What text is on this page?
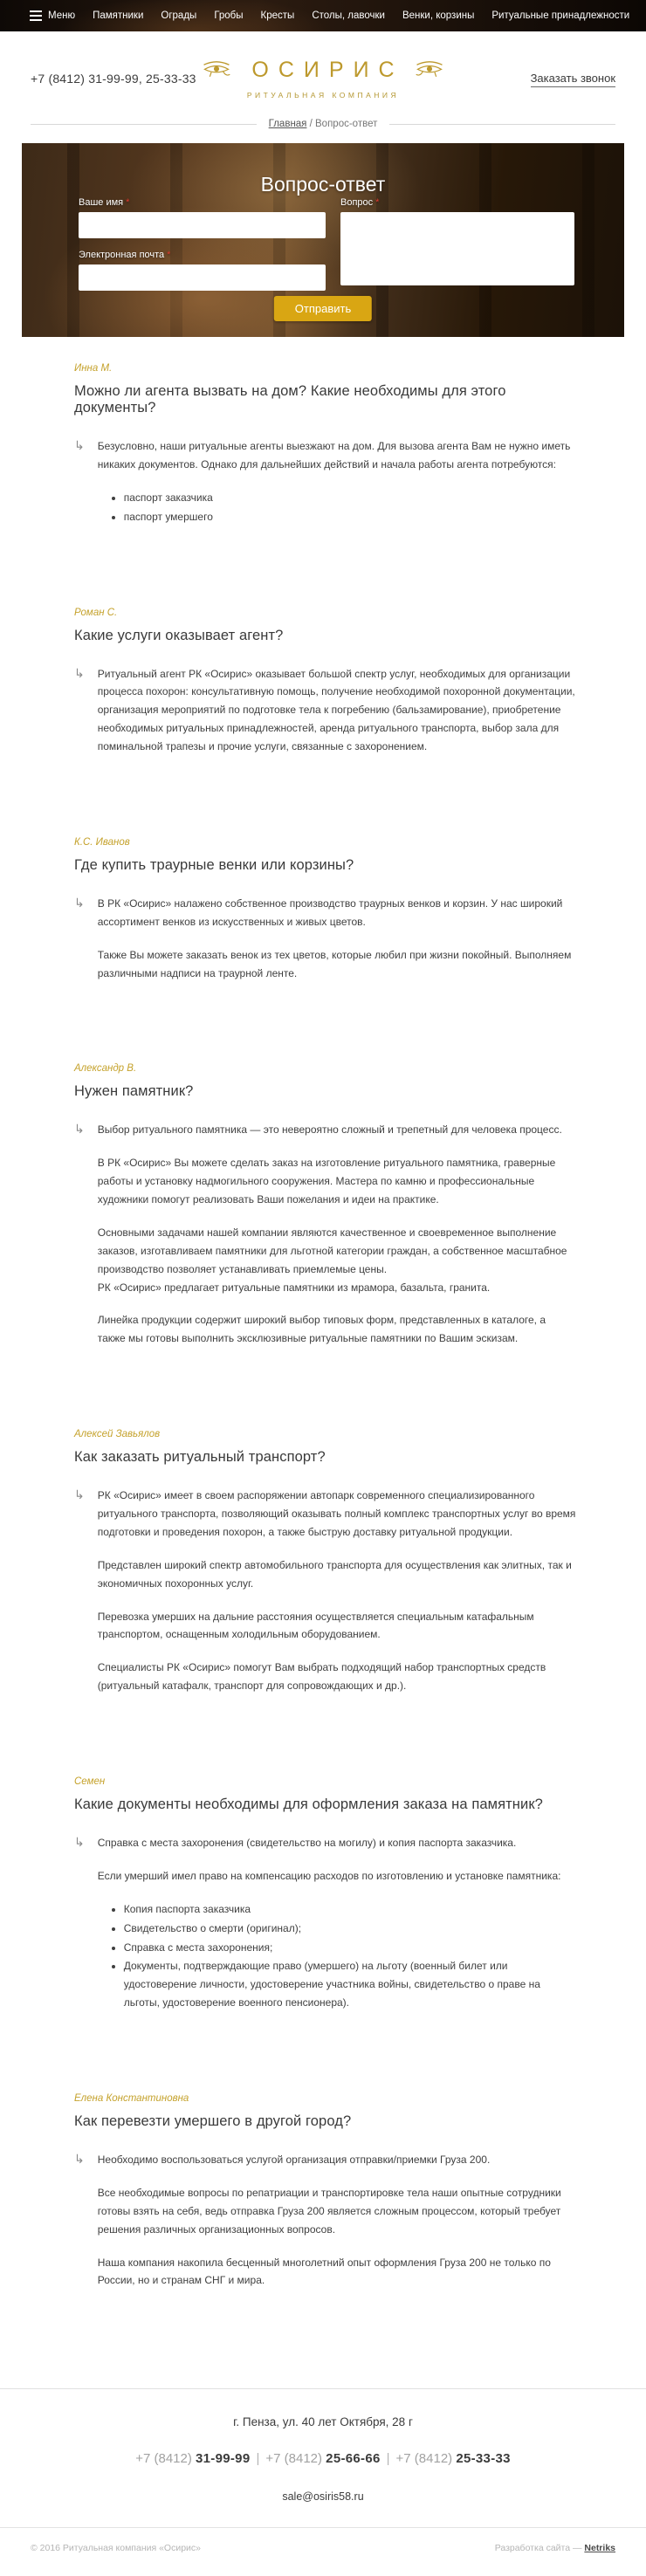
Меню Памятники Ограды Гробы Кресты Столы, лавочки Венки, корзины Ритуальные принадлежности
+7 (8412) 31-99-99, 25-33-33	ОСИРИС
РИТУАЛЬНАЯ КОМПАНИЯ
Заказать звонок
Главная / Вопрос-ответ
Вопрос-ответ
Ваше имя *
Электронная почта *
Вопрос *
Отправить
Инна М.
Можно ли агента вызвать на дом? Какие необходимы для этого документы?
↳ Безусловно, наши ритуальные агенты выезжают на дом. Для вызова агента Вам не нужно иметь никаких документов. Однако для дальнейших действий и начала работы агента потребуются:

• паспорт заказчика
• паспорт умершего
Роман С.
Какие услуги оказывает агент?
↳ Ритуальный агент РК «Осирис» оказывает большой спектр услуг, необходимых для организации процесса похорон: консультативную помощь, получение необходимой похоронной документации, организация мероприятий по подготовке тела к погребению (бальзамирование), приобретение необходимых ритуальных принадлежностей, аренда ритуального транспорта, выбор зала для поминальной трапезы и прочие услуги, связанные с захоронением.

К.С. Иванов
Где купить траурные венки или корзины?
↳ В РК «Осирис» налажено собственное производство траурных венков и корзин. У нас широкий ассортимент венков из искусственных и живых цветов.

Также Вы можете заказать венок из тех цветов, которые любил при жизни покойный. Выполняем различными надписи на траурной ленте.

Александр В.
Нужен памятник?
↳ Выбор ритуального памятника — это невероятно сложный и трепетный для человека процесс.

В РК «Осирис» Вы можете сделать заказ на изготовление ритуального памятника, граверные работы и установку надмогильного сооружения. Мастера по камню и профессиональные художники помогут реализовать Ваши пожелания и идеи на практике.

Основными задачами нашей компании являются качественное и своевременное выполнение заказов, изготавливаем памятники для льготной категории граждан, а собственное масштабное производство позволяет устанавливать приемлемые цены.
РК «Осирис» предлагает ритуальные памятники из мрамора, базальта, гранита.

Линейка продукции содержит широкий выбор типовых форм, представленных в каталоге, а также мы готовы выполнить эксклюзивные ритуальные памятники по Вашим эскизам.

Алексей Завьялов
Как заказать ритуальный транспорт?
↳ РК «Осирис» имеет в своем распоряжении автопарк современного специализированного ритуального транспорта, позволяющий оказывать полный комплекс транспортных услуг во время подготовки и проведения похорон, а также быструю доставку ритуальной продукции.

Представлен широкий спектр автомобильного транспорта для осуществления как элитных, так и экономичных похоронных услуг.

Перевозка умерших на дальние расстояния осуществляется специальным катафальным транспортом, оснащенным холодильным оборудованием.

Специалисты РК «Осирис» помогут Вам выбрать подходящий набор транспортных средств (ритуальный катафалк, транспорт для сопровождающих и др.).

Семен
Какие документы необходимы для оформления заказа на памятник?
↳ Справка с места захоронения (свидетельство на могилу) и копия паспорта заказчика.

Если умерший имел право на компенсацию расходов по изготовлению и установке памятника:

• Копия паспорта заказчика
• Свидетельство о смерти (оригинал);
• Справка с места захоронения;
• Документы, подтверждающие право (умершего) на льготу (военный билет или удостоверение личности, удостоверение участника войны, свидетельство о праве на льготы, удостоверение военного пенсионера).
Елена Константиновна
Как перевезти умершего в другой город?
↳ Необходимо воспользоваться услугой организация отправки/приемки Груза 200.

Все необходимые вопросы по репатриации и транспортировке тела наши опытные сотрудники готовы взять на себя, ведь отправка Груза 200 является сложным процессом, который требует решения различных организационных вопросов.

Наша компания накопила бесценный многолетний опыт оформления Груза 200 не только по России, но и странам СНГ и мира.

г. Пенза, ул. 40 лет Октября, 28 г
+7 (8412) 31-99-99 | +7 (8412) 25-66-66 | +7 (8412) 25-33-33
sale@osiris58.ru
© 2016 Ритуальная компания «Осирис»	Разработка сайта — Netriks
